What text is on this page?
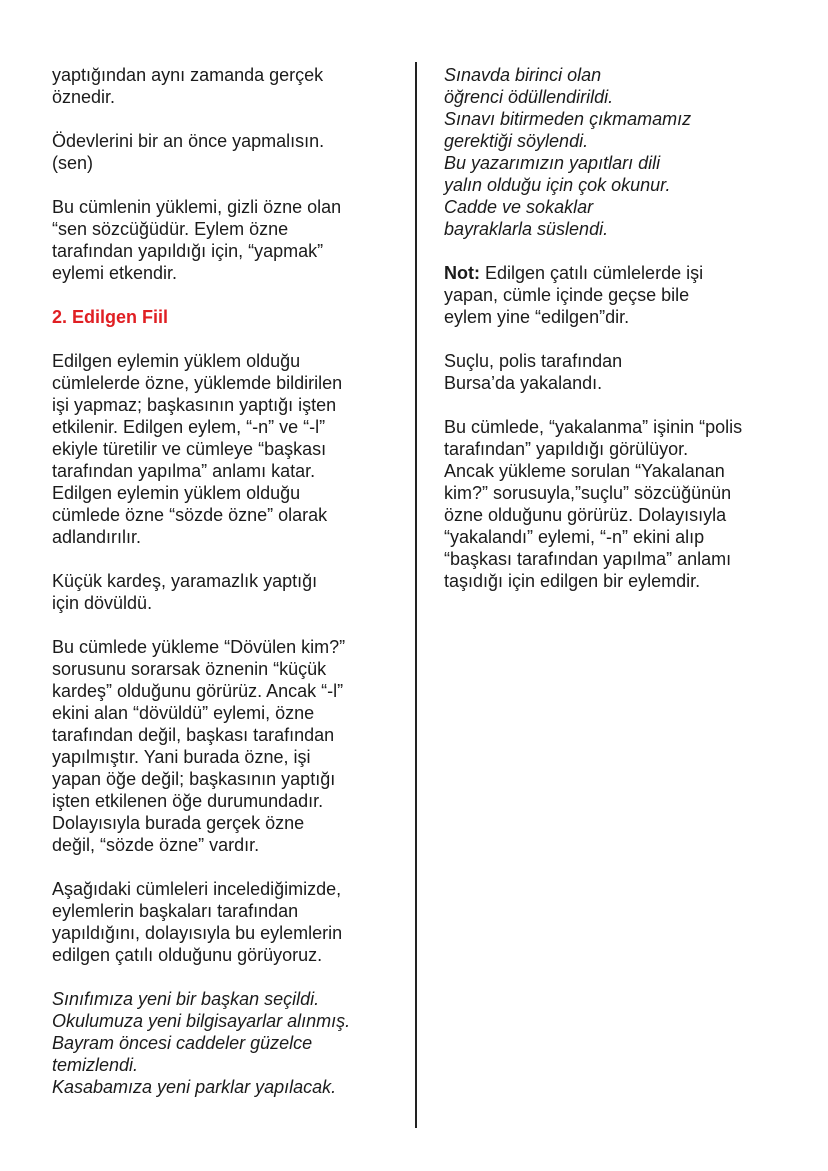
yaptığından aynı zamanda gerçek
öznedir.
Ödevlerini bir an önce yapmalısın.
(sen)
Bu cümlenin yüklemi, gizli özne olan
“sen sözcüğüdür. Eylem özne
tarafından yapıldığı için, “yapmak”
eylemi etkendir.
2. Edilgen Fiil
Edilgen eylemin yüklem olduğu
cümlelerde özne, yüklemde bildirilen
işi yapmaz; başkasının yaptığı işten
etkilenir. Edilgen eylem, “-n” ve “-l”
ekiyle türetilir ve cümleye “başkası
tarafından yapılma” anlamı katar.
Edilgen eylemin yüklem olduğu
cümlede özne “sözde özne” olarak
adlandırılır.
Küçük kardeş, yaramazlık yaptığı
için dövüldü.
Bu cümlede yükleme “Dövülen kim?”
sorusunu sorarsak öznenin “küçük
kardeş” olduğunu görürüz. Ancak “-l”
ekini alan “dövüldü” eylemi, özne
tarafından değil, başkası tarafından
yapılmıştır. Yani burada özne, işi
yapan öğe değil; başkasının yaptığı
işten etkilenen öğe durumundadır.
Dolayısıyla burada gerçek özne
değil, “sözde özne” vardır.
Aşağıdaki cümleleri incelediğimizde,
eylemlerin başkaları tarafından
yapıldığını, dolayısıyla bu eylemlerin
edilgen çatılı olduğunu görüyoruz.
Sınıfımıza yeni bir başkan seçildi.
Okulumuza yeni bilgisayarlar alınmış.
Bayram öncesi caddeler güzelce
temizlendi.
Kasabamıza yeni parklar yapılacak.
Sınavda birinci olan
öğrenci ödüllendirildi.
Sınavı bitirmeden çıkmamamız
gerektiği söylendi.
Bu yazarımızın yapıtları dili
yalın olduğu için çok okunur.
Cadde ve sokaklar
bayraklarla süslendi.
Not: Edilgen çatılı cümlelerde işi
yapan, cümle içinde geçse bile
eylem yine “edilgen”dir.
Suçlu, polis tarafından
Bursa’da yakalandı.
Bu cümlede, “yakalanma” işinin “polis
tarafından” yapıldığı görülüyor.
Ancak yükleme sorulan “Yakalanan
kim?” sorusuyla,”suçlu” sözcüğünün
özne olduğunu görürüz. Dolayısıyla
“yakalandı” eylemi, “-n” ekini alıp
“başkası tarafından yapılma” anlamı
taşıdığı için edilgen bir eylemdir.
